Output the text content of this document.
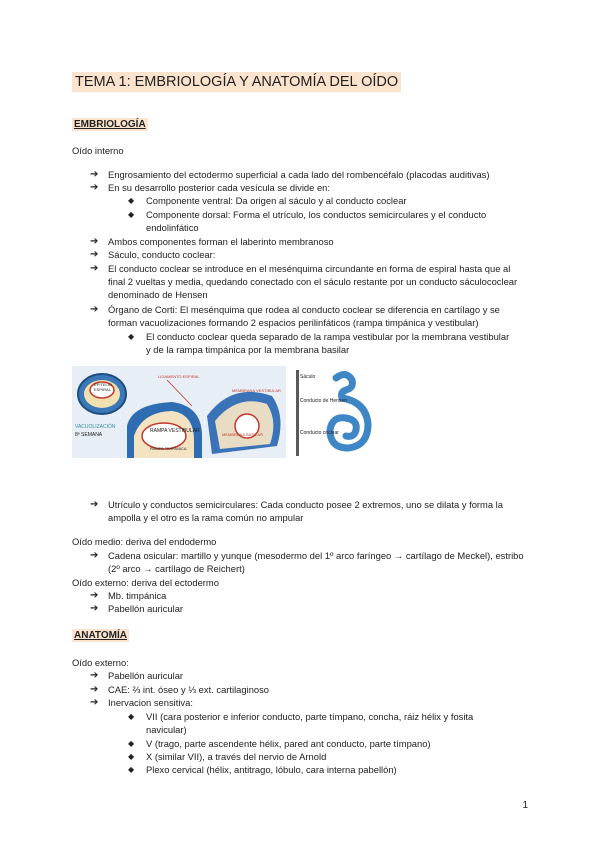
TEMA 1: EMBRIOLOGÍA Y ANATOMÍA DEL OÍDO
EMBRIOLOGÍA
Oído interno
➔ Engrosamiento del ectodermo superficial a cada lado del rombencéfalo (placodas auditivas)
➔ En su desarrollo posterior cada vesícula se divide en:
◆ Componente ventral: Da origen al sáculo y al conducto coclear
◆ Componente dorsal: Forma el utrículo, los conductos semicirculares y el conducto endolinfático
➔ Ambos componentes forman el laberinto membranoso
➔ Sáculo, conducto coclear:
➔ El conducto coclear se introduce en el mesénquima circundante en forma de espiral hasta que al final 2 vueltas y media, quedando conectado con el sáculo restante por un conducto sáculococlear denominado de Hensen
➔ Órgano de Corti: El mesénquima que rodea al conducto coclear se diferencia en cartílago y se forman vacuolizaciones formando 2 espacios perilinfáticos (rampa timpánica y vestibular)
◆ El conducto coclear queda separado de la rampa vestibular por la membrana vestibular y de la rampa timpánica por la membrana basilar
EPITELIO
ESPIRAL
LIGAMENTO ESPIRAL
MEMBRANA VESTIBULAR
VACUOLIZACIÓN
8ª SEMANA
RAMPA VESTIBULAR
RAMPA TIMPÁNICA
MEMBRANA BASILAR
Sáculo
Conducto de Hensen
Conducto coclear
➔ Utrículo y conductos semicirculares: Cada conducto posee 2 extremos, uno se dilata y forma la ampolla y el otro es la rama común no ampular
Oído medio: deriva del endodermo
➔ Cadena osicular: martillo y yunque (mesodermo del 1º arco faríngeo → cartílago de Meckel), estribo (2º arco → cartílago de Reichert)
Oído externo: deriva del ectodermo
➔ Mb. timpánica
➔ Pabellón auricular
ANATOMÍA
Oído externo:
➔ Pabellón auricular
➔ CAE: ⅔ int. óseo y ⅓ ext. cartilaginoso
➔ Inervacion sensitiva:
◆ VII (cara posterior e inferior conducto, parte tímpano, concha, ráiz hélix y fosita navicular)
◆ V (trago, parte ascendente hélix, pared ant conducto, parte tímpano)
◆ X (similar VII), a través del nervio de Arnold
◆ Plexo cervical (hélix, antitrago, lóbulo, cara interna pabellón)
1
